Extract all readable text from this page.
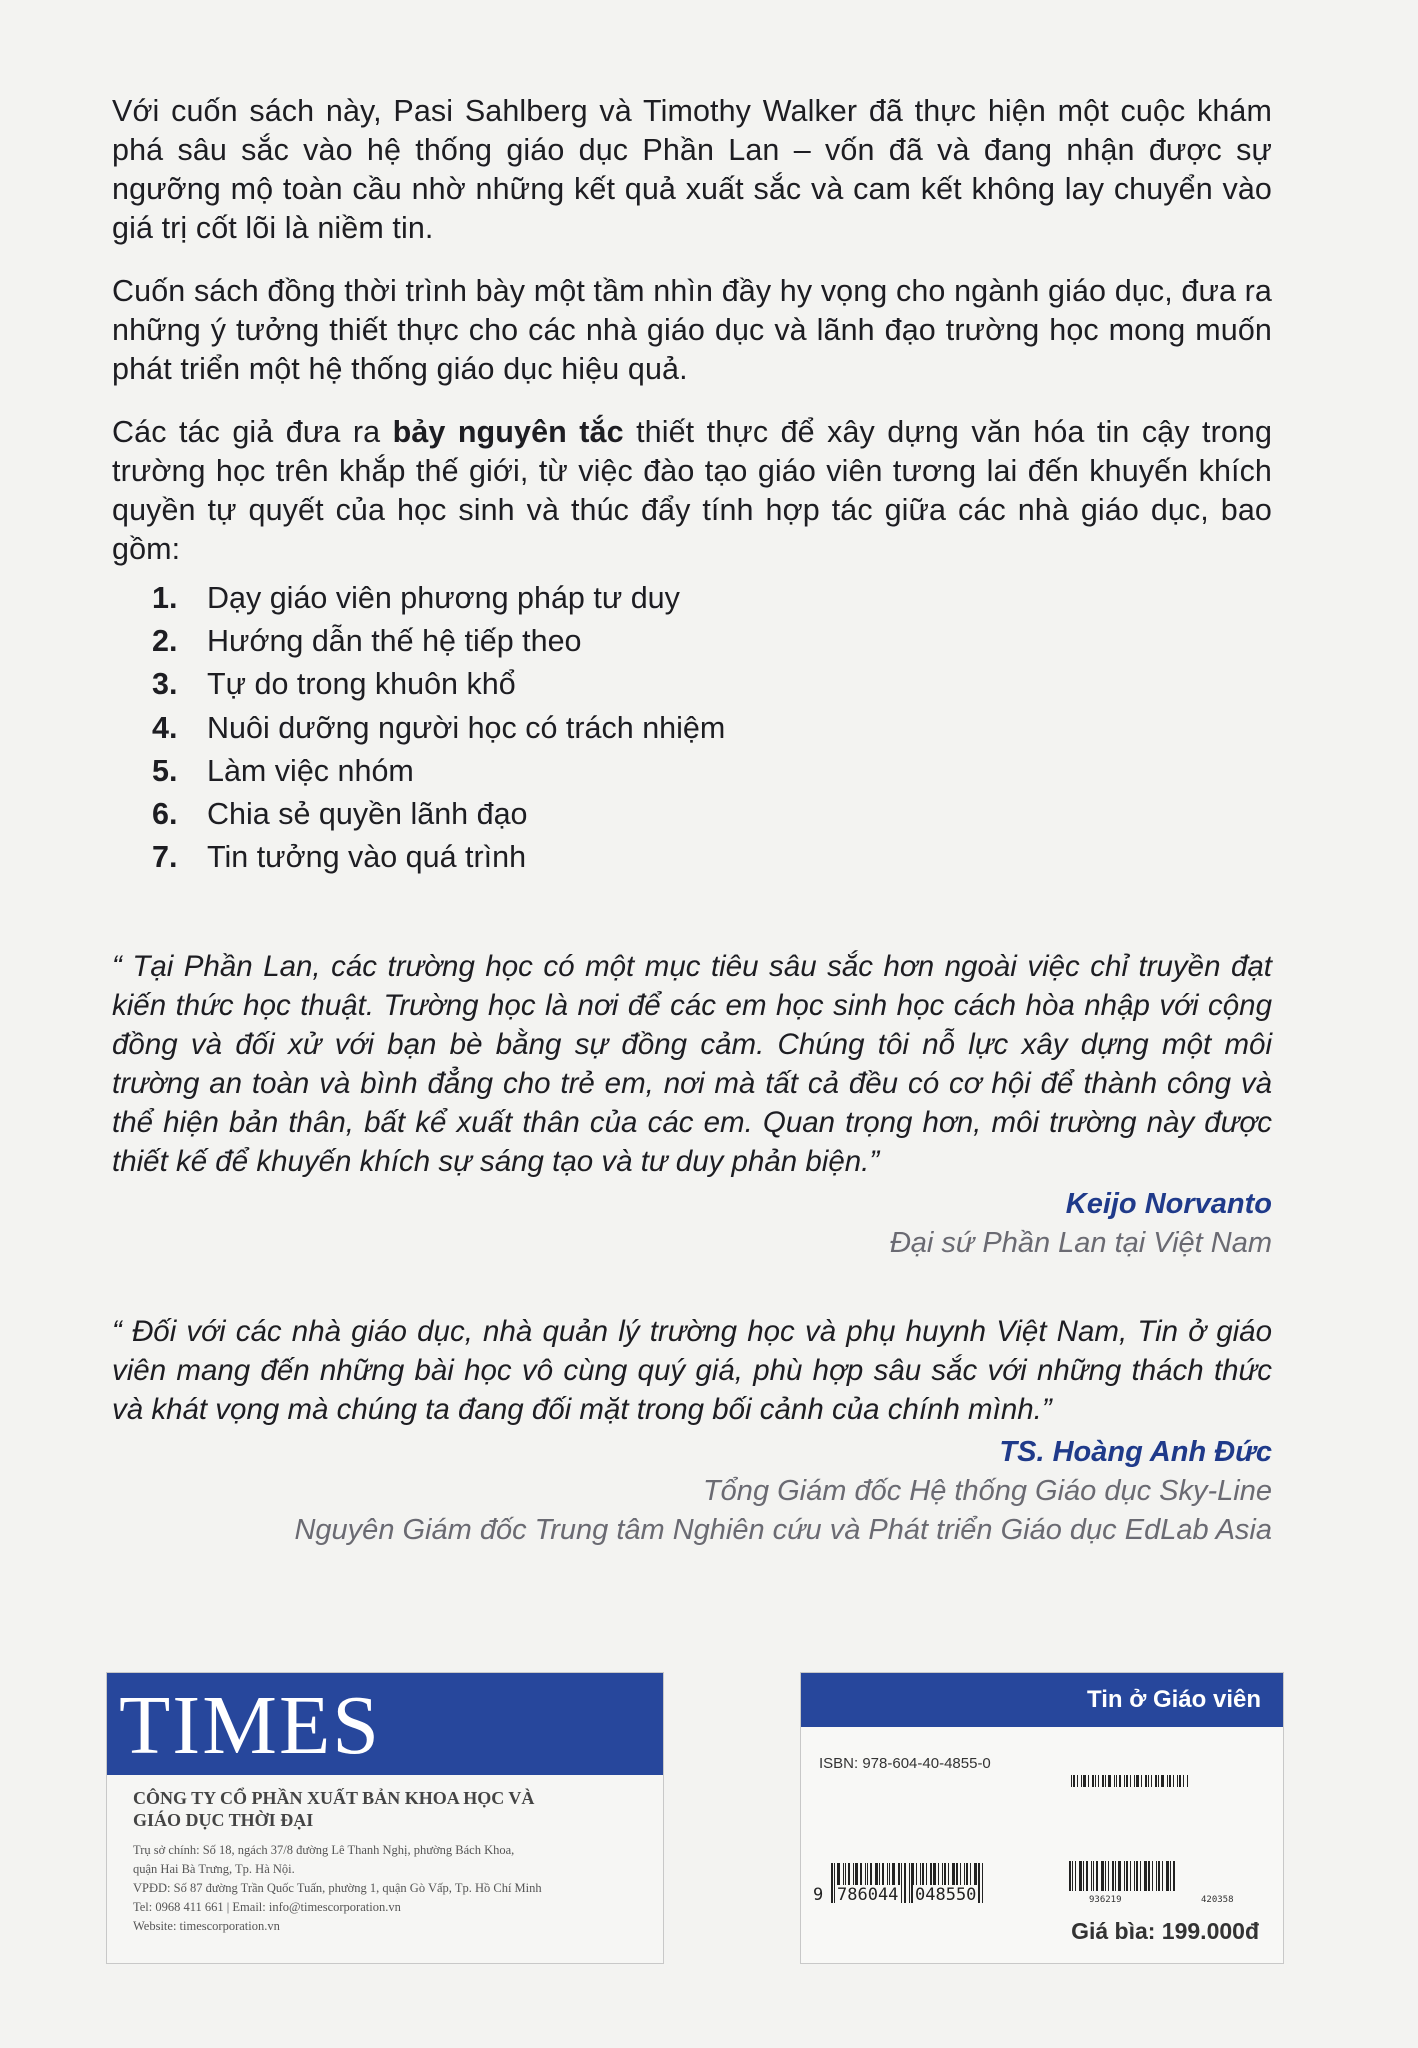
Với cuốn sách này, Pasi Sahlberg và Timothy Walker đã thực hiện một cuộc khám phá sâu sắc vào hệ thống giáo dục Phần Lan – vốn đã và đang nhận được sự ngưỡng mộ toàn cầu nhờ những kết quả xuất sắc và cam kết không lay chuyển vào giá trị cốt lõi là niềm tin.

Cuốn sách đồng thời trình bày một tầm nhìn đầy hy vọng cho ngành giáo dục, đưa ra những ý tưởng thiết thực cho các nhà giáo dục và lãnh đạo trường học mong muốn phát triển một hệ thống giáo dục hiệu quả.

Các tác giả đưa ra bảy nguyên tắc thiết thực để xây dựng văn hóa tin cậy trong trường học trên khắp thế giới, từ việc đào tạo giáo viên tương lai đến khuyến khích quyền tự quyết của học sinh và thúc đẩy tính hợp tác giữa các nhà giáo dục, bao gồm:

1. Dạy giáo viên phương pháp tư duy
2. Hướng dẫn thế hệ tiếp theo
3. Tự do trong khuôn khổ
4. Nuôi dưỡng người học có trách nhiệm
5. Làm việc nhóm
6. Chia sẻ quyền lãnh đạo
7. Tin tưởng vào quá trình

“ Tại Phần Lan, các trường học có một mục tiêu sâu sắc hơn ngoài việc chỉ truyền đạt kiến thức học thuật. Trường học là nơi để các em học sinh học cách hòa nhập với cộng đồng và đối xử với bạn bè bằng sự đồng cảm. Chúng tôi nỗ lực xây dựng một môi trường an toàn và bình đẳng cho trẻ em, nơi mà tất cả đều có cơ hội để thành công và thể hiện bản thân, bất kể xuất thân của các em. Quan trọng hơn, môi trường này được thiết kế để khuyến khích sự sáng tạo và tư duy phản biện.”

Keijo Norvanto
Đại sứ Phần Lan tại Việt Nam

“ Đối với các nhà giáo dục, nhà quản lý trường học và phụ huynh Việt Nam, Tin ở giáo viên mang đến những bài học vô cùng quý giá, phù hợp sâu sắc với những thách thức và khát vọng mà chúng ta đang đối mặt trong bối cảnh của chính mình.”

TS. Hoàng Anh Đức
Tổng Giám đốc Hệ thống Giáo dục Sky-Line
Nguyên Giám đốc Trung tâm Nghiên cứu và Phát triển Giáo dục EdLab Asia
TIMES
CÔNG TY CỔ PHẦN XUẤT BẢN KHOA HỌC VÀ
GIÁO DỤC THỜI ĐẠI
Trụ sở chính: Số 18, ngách 37/8 đường Lê Thanh Nghị, phường Bách Khoa,
quận Hai Bà Trưng, Tp. Hà Nội.
VPĐD: Số 87 đường Trần Quốc Tuấn, phường 1, quận Gò Vấp, Tp. Hồ Chí Minh
Tel: 0968 411 661 | Email: info@timescorporation.vn
Website: timescorporation.vn
Tin ở Giáo viên
ISBN: 978-604-40-4855-0
9 786044 048550	936219	420358
Giá bìa: 199.000đ
